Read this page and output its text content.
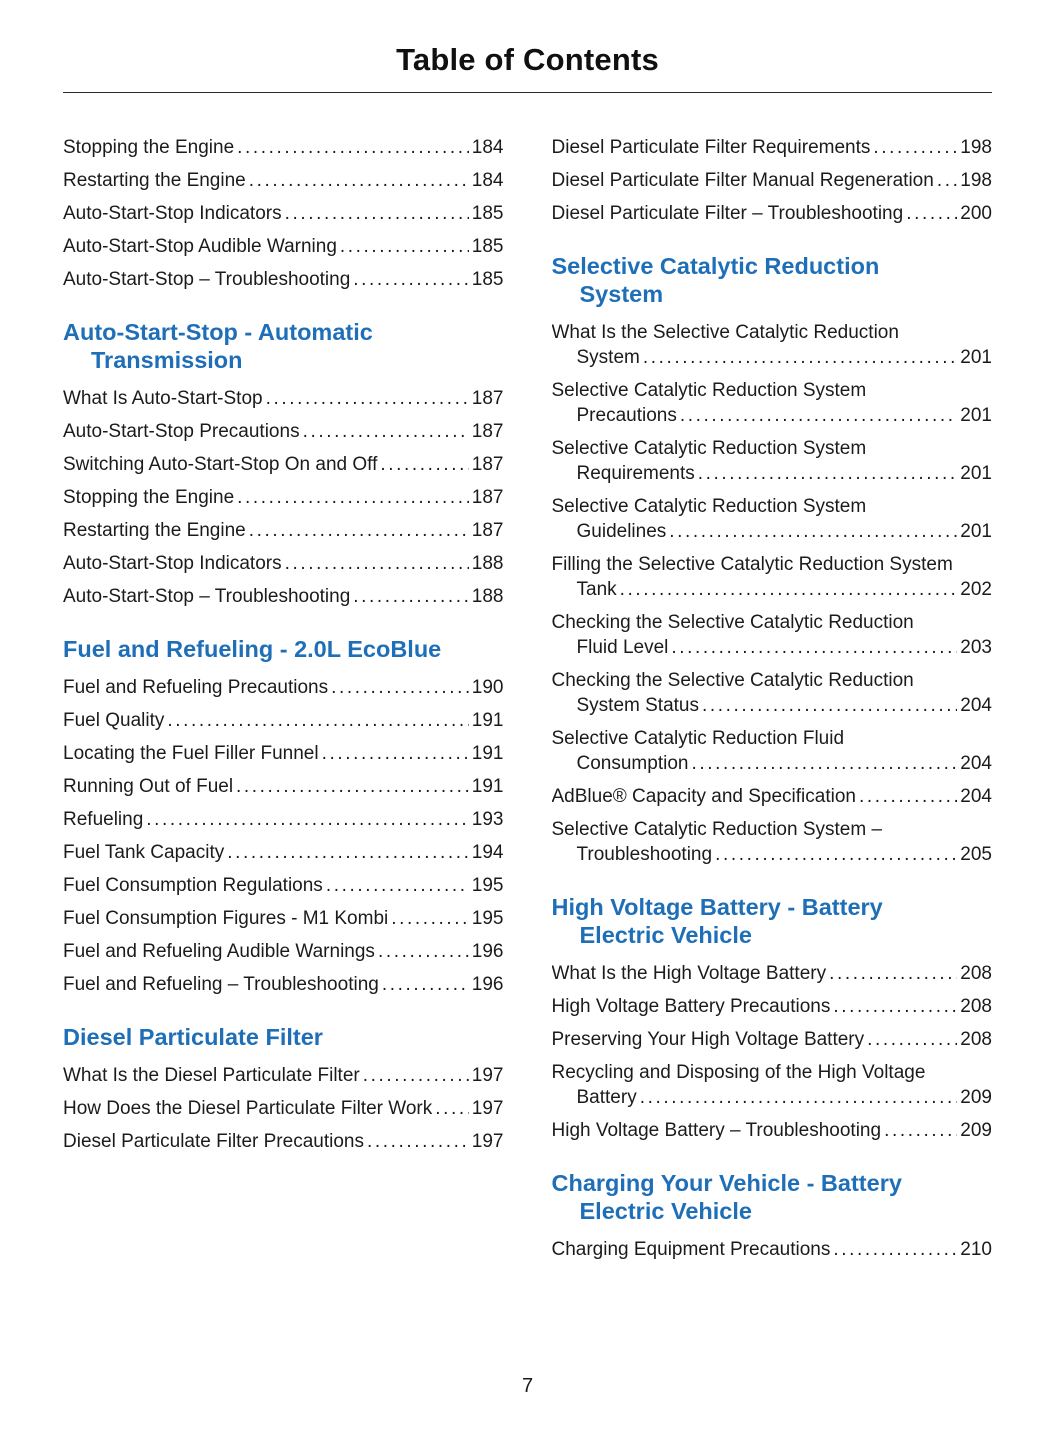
Table of Contents
Stopping the Engine .....	184
Restarting the Engine .....	184
Auto-Start-Stop Indicators .....	185
Auto-Start-Stop Audible Warning .....	185
Auto-Start-Stop – Troubleshooting .....	185
Auto-Start-Stop - Automatic Transmission
What Is Auto-Start-Stop .....	187
Auto-Start-Stop Precautions .....	187
Switching Auto-Start-Stop On and Off .....	187
Stopping the Engine .....	187
Restarting the Engine .....	187
Auto-Start-Stop Indicators .....	188
Auto-Start-Stop – Troubleshooting .....	188
Fuel and Refueling - 2.0L EcoBlue
Fuel and Refueling Precautions .....	190
Fuel Quality .....	191
Locating the Fuel Filler Funnel .....	191
Running Out of Fuel .....	191
Refueling .....	193
Fuel Tank Capacity .....	194
Fuel Consumption Regulations .....	195
Fuel Consumption Figures - M1 Kombi .....	195
Fuel and Refueling Audible Warnings .....	196
Fuel and Refueling – Troubleshooting .....	196
Diesel Particulate Filter
What Is the Diesel Particulate Filter .....	197
How Does the Diesel Particulate Filter Work .....	197
Diesel Particulate Filter Precautions .....	197
Diesel Particulate Filter Requirements .....	198
Diesel Particulate Filter Manual Regeneration .....	198
Diesel Particulate Filter – Troubleshooting .....	200
Selective Catalytic Reduction System
What Is the Selective Catalytic Reduction System .....	201
Selective Catalytic Reduction System Precautions .....	201
Selective Catalytic Reduction System Requirements .....	201
Selective Catalytic Reduction System Guidelines .....	201
Filling the Selective Catalytic Reduction System Tank .....	202
Checking the Selective Catalytic Reduction Fluid Level .....	203
Checking the Selective Catalytic Reduction System Status .....	204
Selective Catalytic Reduction Fluid Consumption .....	204
AdBlue® Capacity and Specification .....	204
Selective Catalytic Reduction System – Troubleshooting .....	205
High Voltage Battery - Battery Electric Vehicle
What Is the High Voltage Battery .....	208
High Voltage Battery Precautions .....	208
Preserving Your High Voltage Battery .....	208
Recycling and Disposing of the High Voltage Battery .....	209
High Voltage Battery – Troubleshooting .....	209
Charging Your Vehicle - Battery Electric Vehicle
Charging Equipment Precautions .....	210
7
